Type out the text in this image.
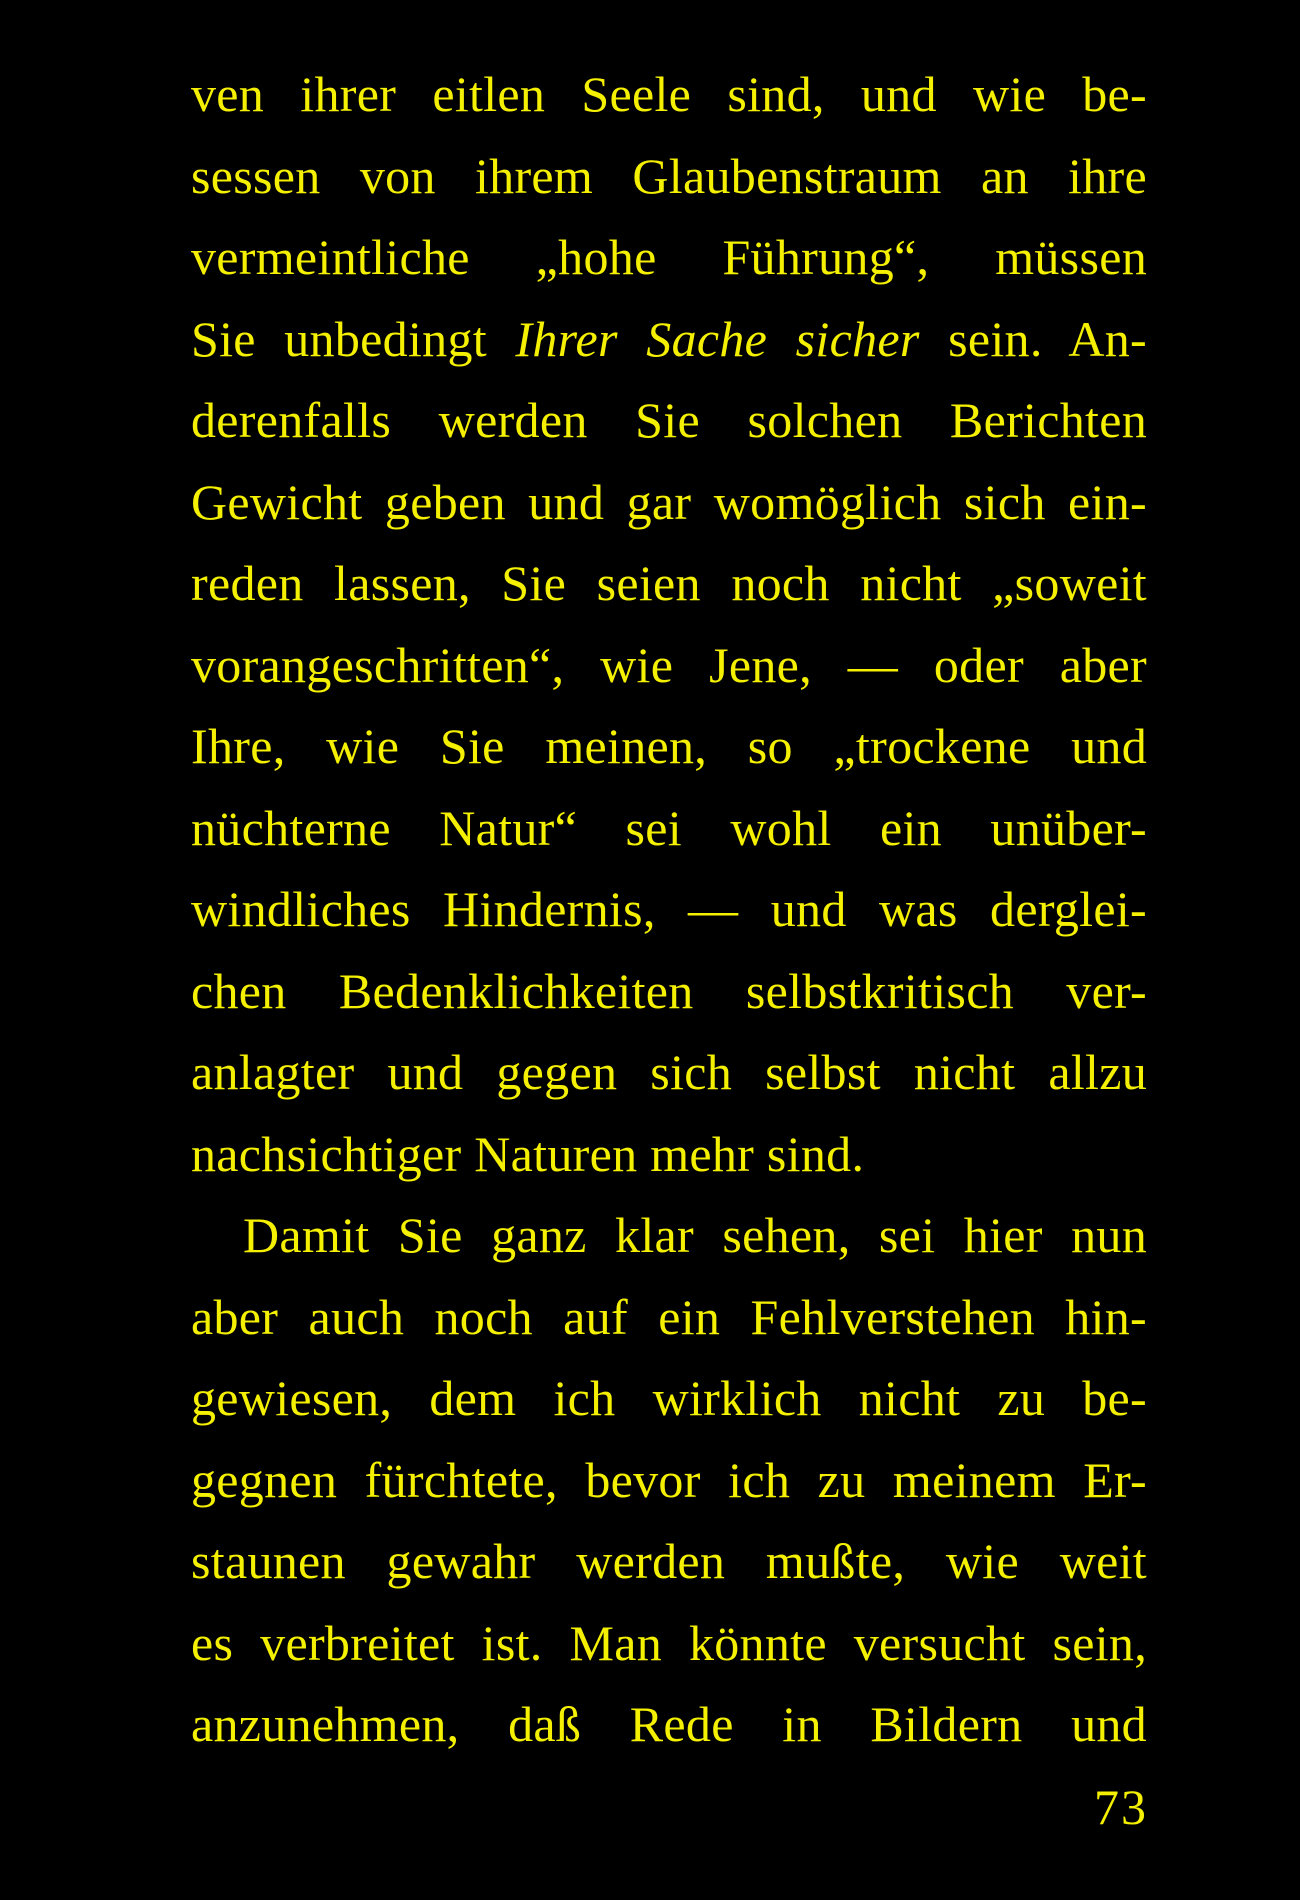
ven ihrer eitlen Seele sind, und wie be-
sessen von ihrem Glaubenstraum an ihre
vermeintliche „hohe Führung“, müssen
Sie unbedingt Ihrer Sache sicher sein. An-
derenfalls werden Sie solchen Berichten
Gewicht geben und gar womöglich sich ein-
reden lassen, Sie seien noch nicht „soweit
vorangeschritten“, wie Jene, — oder aber
Ihre, wie Sie meinen, so „trockene und
nüchterne Natur“ sei wohl ein unüber-
windliches Hindernis, — und was derglei-
chen Bedenklichkeiten selbstkritisch ver-
anlagter und gegen sich selbst nicht allzu
nachsichtiger Naturen mehr sind.
Damit Sie ganz klar sehen, sei hier nun
aber auch noch auf ein Fehlverstehen hin-
gewiesen, dem ich wirklich nicht zu be-
gegnen fürchtete, bevor ich zu meinem Er-
staunen gewahr werden mußte, wie weit
es verbreitet ist. Man könnte versucht sein,
anzunehmen, daß Rede in Bildern und
73
